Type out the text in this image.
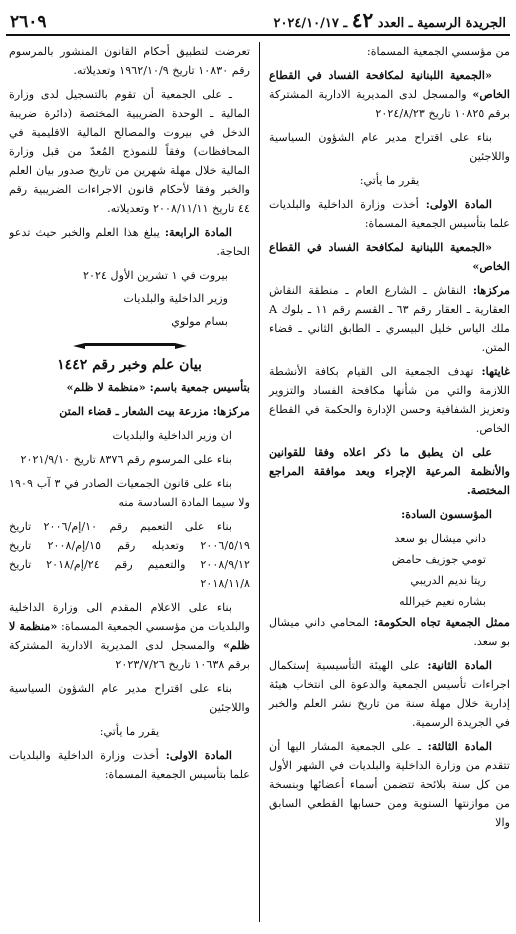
الجريدة الرسمية ـ العدد ٤٢ ـ ٢٠٢٤/١٠/١٧
٢٦٠٩

من مؤسسي الجمعية المسماة:

«الجمعية اللبنانية لمكافحة الفساد في القطاع الخاص» والمسجل لدى المديرية الادارية المشتركة برقم ١٠٨٢٥ تاريخ ٢٠٢٤/٨/٢٣

بناء على اقتراح مدير عام الشؤون السياسية واللاجئين

يقرر ما يأتي:

المادة الاولى: أخذت وزارة الداخلية والبلديات علما بتأسيس الجمعية المسماة:

«الجمعية اللبنانية لمكافحة الفساد في القطاع الخاص»

مركزها: النقاش ـ الشارع العام ـ منطقة النقاش العقارية ـ العقار رقم ٦٣ ـ القسم رقم ١١ ـ بلوك A ملك الياس خليل البيسري ـ الطابق الثاني ـ قضاء المتن.

غايتها: تهدف الجمعية الى القيام بكافة الأنشطة اللازمة والتي من شأنها مكافحة الفساد والتزوير وتعزيز الشفافية وحسن الإدارة والحكمة في القطاع الخاص.

على ان يطبق ما ذكر اعلاه وفقا للقوانين والأنظمة المرعية الإجراء وبعد موافقة المراجع المختصة.

المؤسسون السادة:

داني ميشال بو سعد

تومي جوزيف حامض

ريتا نديم الدريبي

بشاره نعيم خيرالله

ممثل الجمعية تجاه الحكومة: المحامي داني ميشال بو سعد.

المادة الثانية: على الهيئة التأسيسية إستكمال اجراءات تأسيس الجمعية والدعوة الى انتخاب هيئة إدارية خلال مهلة سنة من تاريخ نشر العلم والخبر في الجريدة الرسمية.

المادة الثالثة: ـ على الجمعية المشار اليها أن تتقدم من وزارة الداخلية والبلديات في الشهر الأول من كل سنة بلائحة تتضمن أسماء أعضائها وبنسخة من موازنتها السنوية ومن حسابها القطعي السابق والا

تعرضت لتطبيق أحكام القانون المنشور بالمرسوم رقم ١٠٨٣٠ تاريخ ١٩٦٢/١٠/٩ وتعديلاته.

ـ على الجمعية أن تقوم بالتسجيل لدى وزارة المالية ـ الوحدة الضريبية المختصة (دائرة ضريبة الدخل في بيروت والمصالح المالية الاقليمية في المحافظات) وفقاً للنموذج المُعدّ من قبل وزارة المالية خلال مهلة شهرين من تاريخ صدور بيان العلم والخبر وفقا لأحكام قانون الاجراءات الضريبية رقم ٤٤ تاريخ ٢٠٠٨/١١/١١ وتعديلاته.

المادة الرابعة: يبلغ هذا العلم والخبر حيث تدعو الحاجة.

بيروت في ١ تشرين الأول ٢٠٢٤

وزير الداخلية والبلديات

بسام مولوي

بيان علم وخبر رقم ١٤٤٢

بتأسيس جمعية باسم: «منظمة لا ظلم»

مركزها: مزرعة بيت الشعار ـ قضاء المتن

ان وزير الداخلية والبلديات

بناء على المرسوم رقم ٨٣٧٦ تاريخ ٢٠٢١/٩/١٠

بناء على قانون الجمعيات الصادر في ٣ آب ١٩٠٩ ولا سيما المادة السادسة منه

بناء على التعميم رقم ١٠/إم/٢٠٠٦ تاريخ ٢٠٠٦/٥/١٩ وتعديله رقم ١٥/إم/٢٠٠٨ تاريخ ٢٠٠٨/٩/١٢ والتعميم رقم ٢٤/إم/٢٠١٨ تاريخ ٢٠١٨/١١/٨

بناء على الاعلام المقدم الى وزارة الداخلية والبلديات من مؤسسي الجمعية المسماة: «منظمة لا ظلم» والمسجل لدى المديرية الادارية المشتركة برقم ١٠٦٣٨ تاريخ ٢٠٢٣/٧/٢٦

بناء على اقتراح مدير عام الشؤون السياسية واللاجئين

يقرر ما يأتي:

المادة الاولى: أخذت وزارة الداخلية والبلديات علما بتأسيس الجمعية المسماة:
